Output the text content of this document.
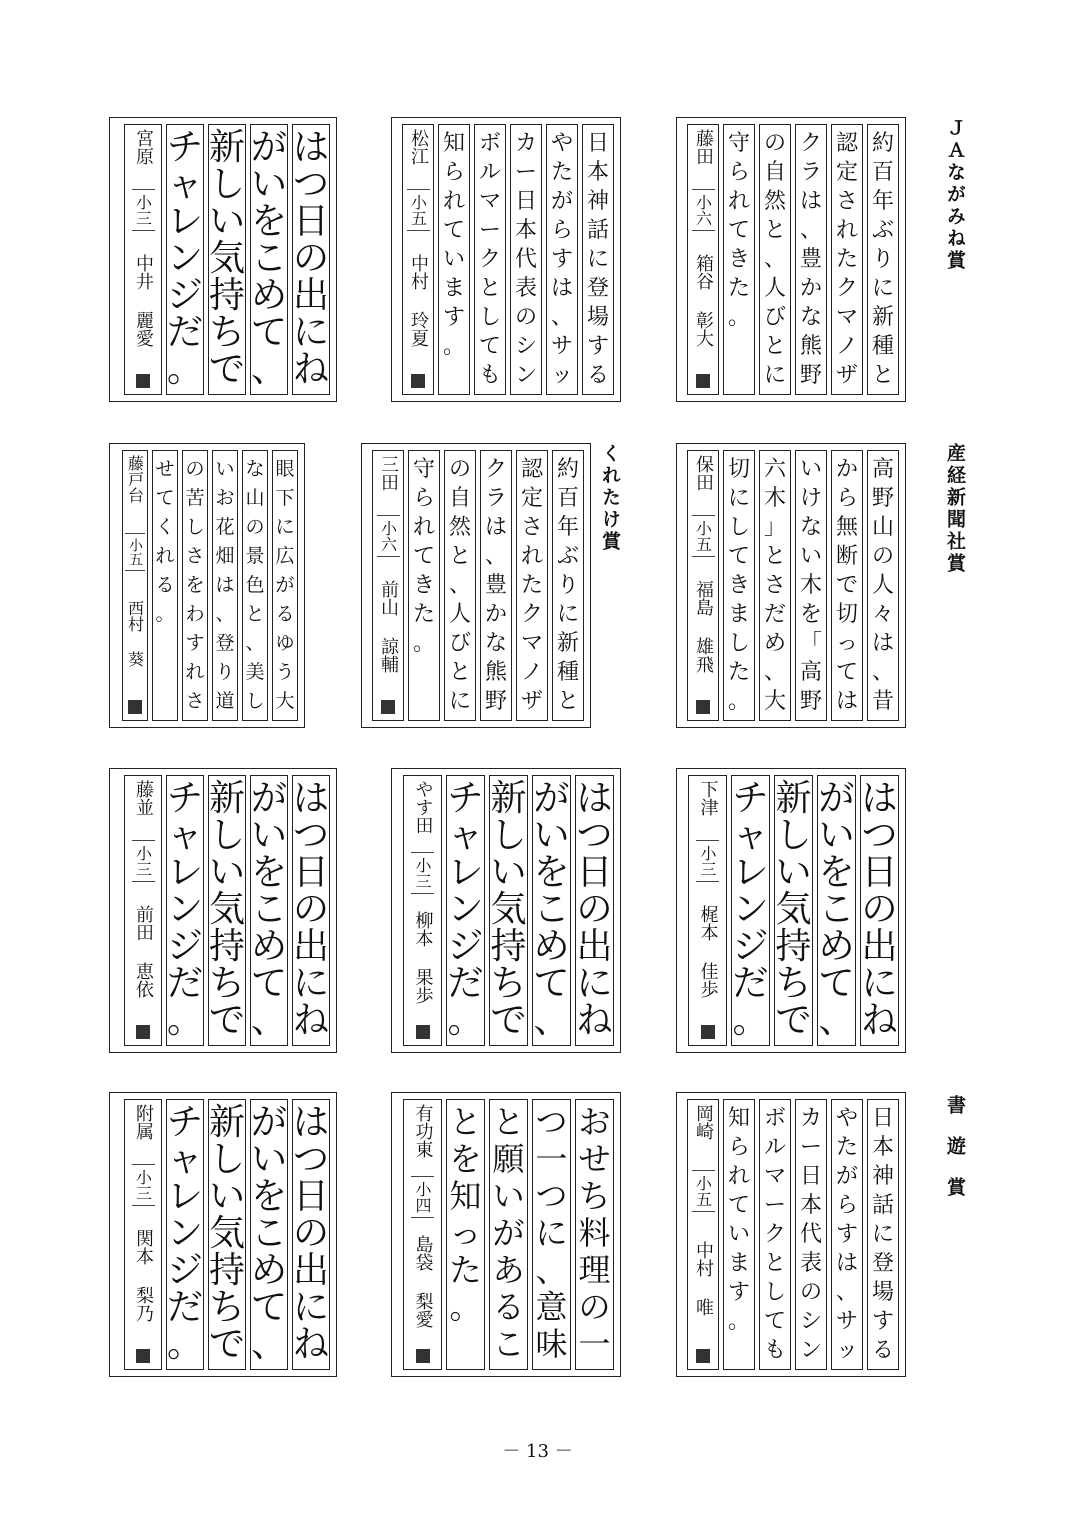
ＪＡながみね賞
産経新聞社賞
くれたけ賞
書遊賞
約
百
年
ぶ
り
に
新
種
と
認
定
さ
れ
た
ク
マ
ノ
ザ
ク
ラ
は
、
豊
か
な
熊
野
の
自
然
と
、
人
び
と
に
守
ら
れ
て
き
た
。
藤田
小六
箱谷 彰大
日
本
神
話
に
登
場
す
る
や
た
が
ら
す
は
、
サ
ッ
カ
ー
日
本
代
表
の
シ
ン
ボ
ル
マ
ー
ク
と
し
て
も
知
ら
れ
て
い
ま
す
。
松江
小五
中村 玲夏
は
つ
日
の
出
に
ね
が
い
を
こ
め
て
、
新
し
い
気
持
ち
で
チ
ャ
レ
ン
ジ
だ
。
宮原
小三
中井 麗愛
高
野
山
の
人
々
は
、
昔
か
ら
無
断
で
切
っ
て
は
い
け
な
い
木
を
「
高
野
六
木
」
と
さ
だ
め
、
大
切
に
し
て
き
ま
し
た
。
保田
小五
福島 雄飛
約
百
年
ぶ
り
に
新
種
と
認
定
さ
れ
た
ク
マ
ノ
ザ
ク
ラ
は
、
豊
か
な
熊
野
の
自
然
と
、
人
び
と
に
守
ら
れ
て
き
た
。
三田
小六
前山 諒輔
眼
下
に
広
が
る
ゆ
う
大
な
山
の
景
色
と
、
美
し
い
お
花
畑
は
、
登
り
道
の
苦
し
さ
を
わ
す
れ
さ
せ
て
く
れ
る
。
藤戸台
小五
西村 葵
は
つ
日
の
出
に
ね
が
い
を
こ
め
て
、
新
し
い
気
持
ち
で
チ
ャ
レ
ン
ジ
だ
。
下津
小三
梶本 佳歩
は
つ
日
の
出
に
ね
が
い
を
こ
め
て
、
新
し
い
気
持
ち
で
チ
ャ
レ
ン
ジ
だ
。
やす田
小三
柳本 果歩
は
つ
日
の
出
に
ね
が
い
を
こ
め
て
、
新
し
い
気
持
ち
で
チ
ャ
レ
ン
ジ
だ
。
藤並
小三
前田 恵依
日
本
神
話
に
登
場
す
る
や
た
が
ら
す
は
、
サ
ッ
カ
ー
日
本
代
表
の
シ
ン
ボ
ル
マ
ー
ク
と
し
て
も
知
ら
れ
て
い
ま
す
。
岡崎
小五
中村 唯
お
せ
ち
料
理
の
一
つ
一
つ
に
、
意
味
と
願
い
が
あ
る
こ
と
を
知
っ
た
。
有功東
小四
島袋 梨愛
は
つ
日
の
出
に
ね
が
い
を
こ
め
て
、
新
し
い
気
持
ち
で
チ
ャ
レ
ン
ジ
だ
。
附属
小三
関本 梨乃
－ 13 －
